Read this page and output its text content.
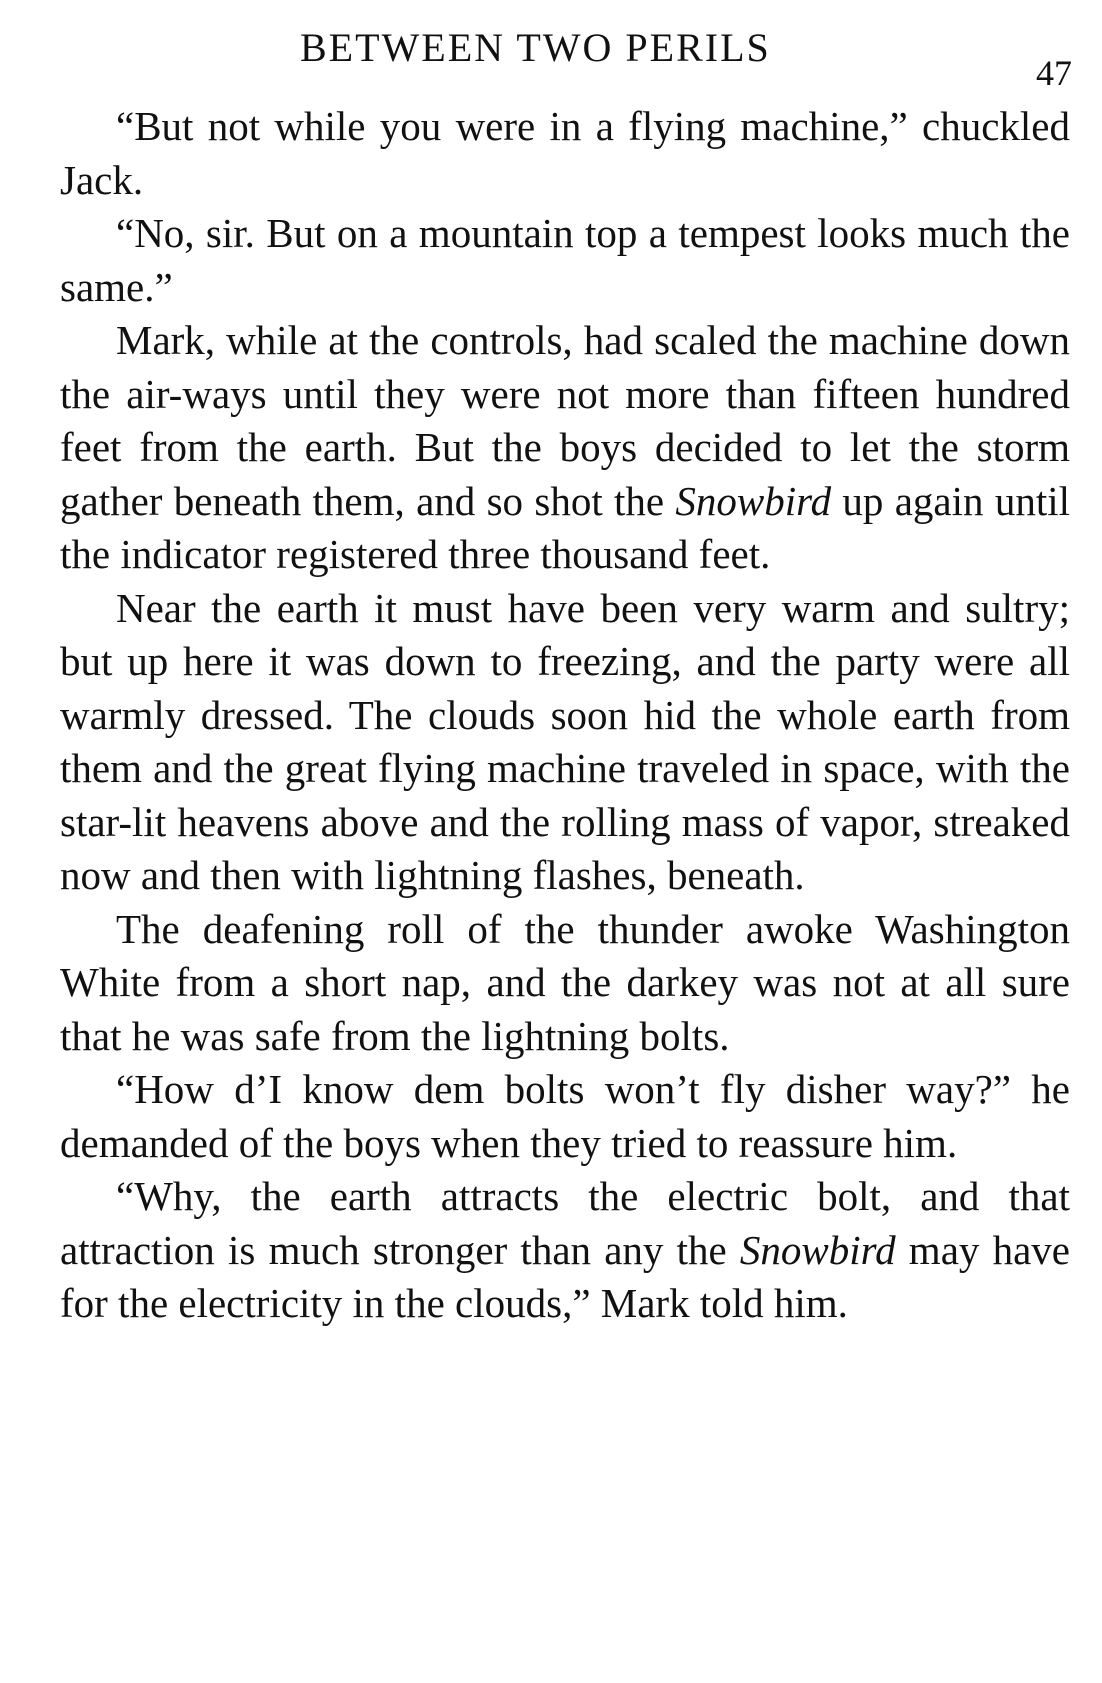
BETWEEN TWO PERILS
47

“But not while you were in a flying machine,” chuckled Jack.

“No, sir. But on a mountain top a tempest looks much the same.”

Mark, while at the controls, had scaled the machine down the air-ways until they were not more than fifteen hundred feet from the earth. But the boys decided to let the storm gather beneath them, and so shot the Snowbird up again until the indicator registered three thousand feet.

Near the earth it must have been very warm and sultry; but up here it was down to freezing, and the party were all warmly dressed. The clouds soon hid the whole earth from them and the great flying machine traveled in space, with the star-lit heavens above and the rolling mass of vapor, streaked now and then with lightning flashes, beneath.

The deafening roll of the thunder awoke Washington White from a short nap, and the darkey was not at all sure that he was safe from the lightning bolts.

“How d’I know dem bolts won’t fly disher way?” he demanded of the boys when they tried to reassure him.

“Why, the earth attracts the electric bolt, and that attraction is much stronger than any the Snowbird may have for the electricity in the clouds,” Mark told him.
